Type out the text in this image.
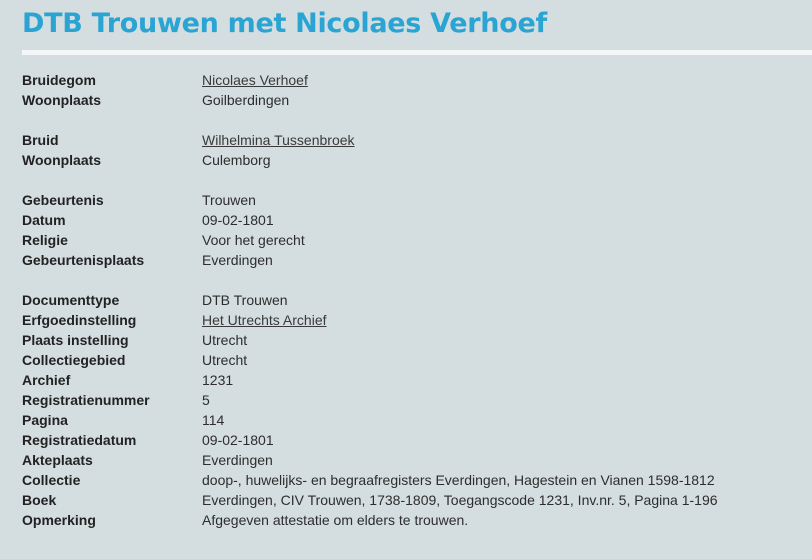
DTB Trouwen met Nicolaes Verhoef
Bruidegom	Nicolaes Verhoef
Woonplaats	Goilberdingen
Bruid	Wilhelmina Tussenbroek
Woonplaats	Culemborg
Gebeurtenis	Trouwen
Datum	09-02-1801
Religie	Voor het gerecht
Gebeurtenisplaats	Everdingen
Documenttype	DTB Trouwen
Erfgoedinstelling	Het Utrechts Archief
Plaats instelling	Utrecht
Collectiegebied	Utrecht
Archief	1231
Registratienummer	5
Pagina	114
Registratiedatum	09-02-1801
Akteplaats	Everdingen
Collectie	doop-, huwelijks- en begraafregisters Everdingen, Hagestein en Vianen 1598-1812
Boek	Everdingen, CIV Trouwen, 1738-1809, Toegangscode 1231, Inv.nr. 5, Pagina 1-196
Opmerking	Afgegeven attestatie om elders te trouwen.
